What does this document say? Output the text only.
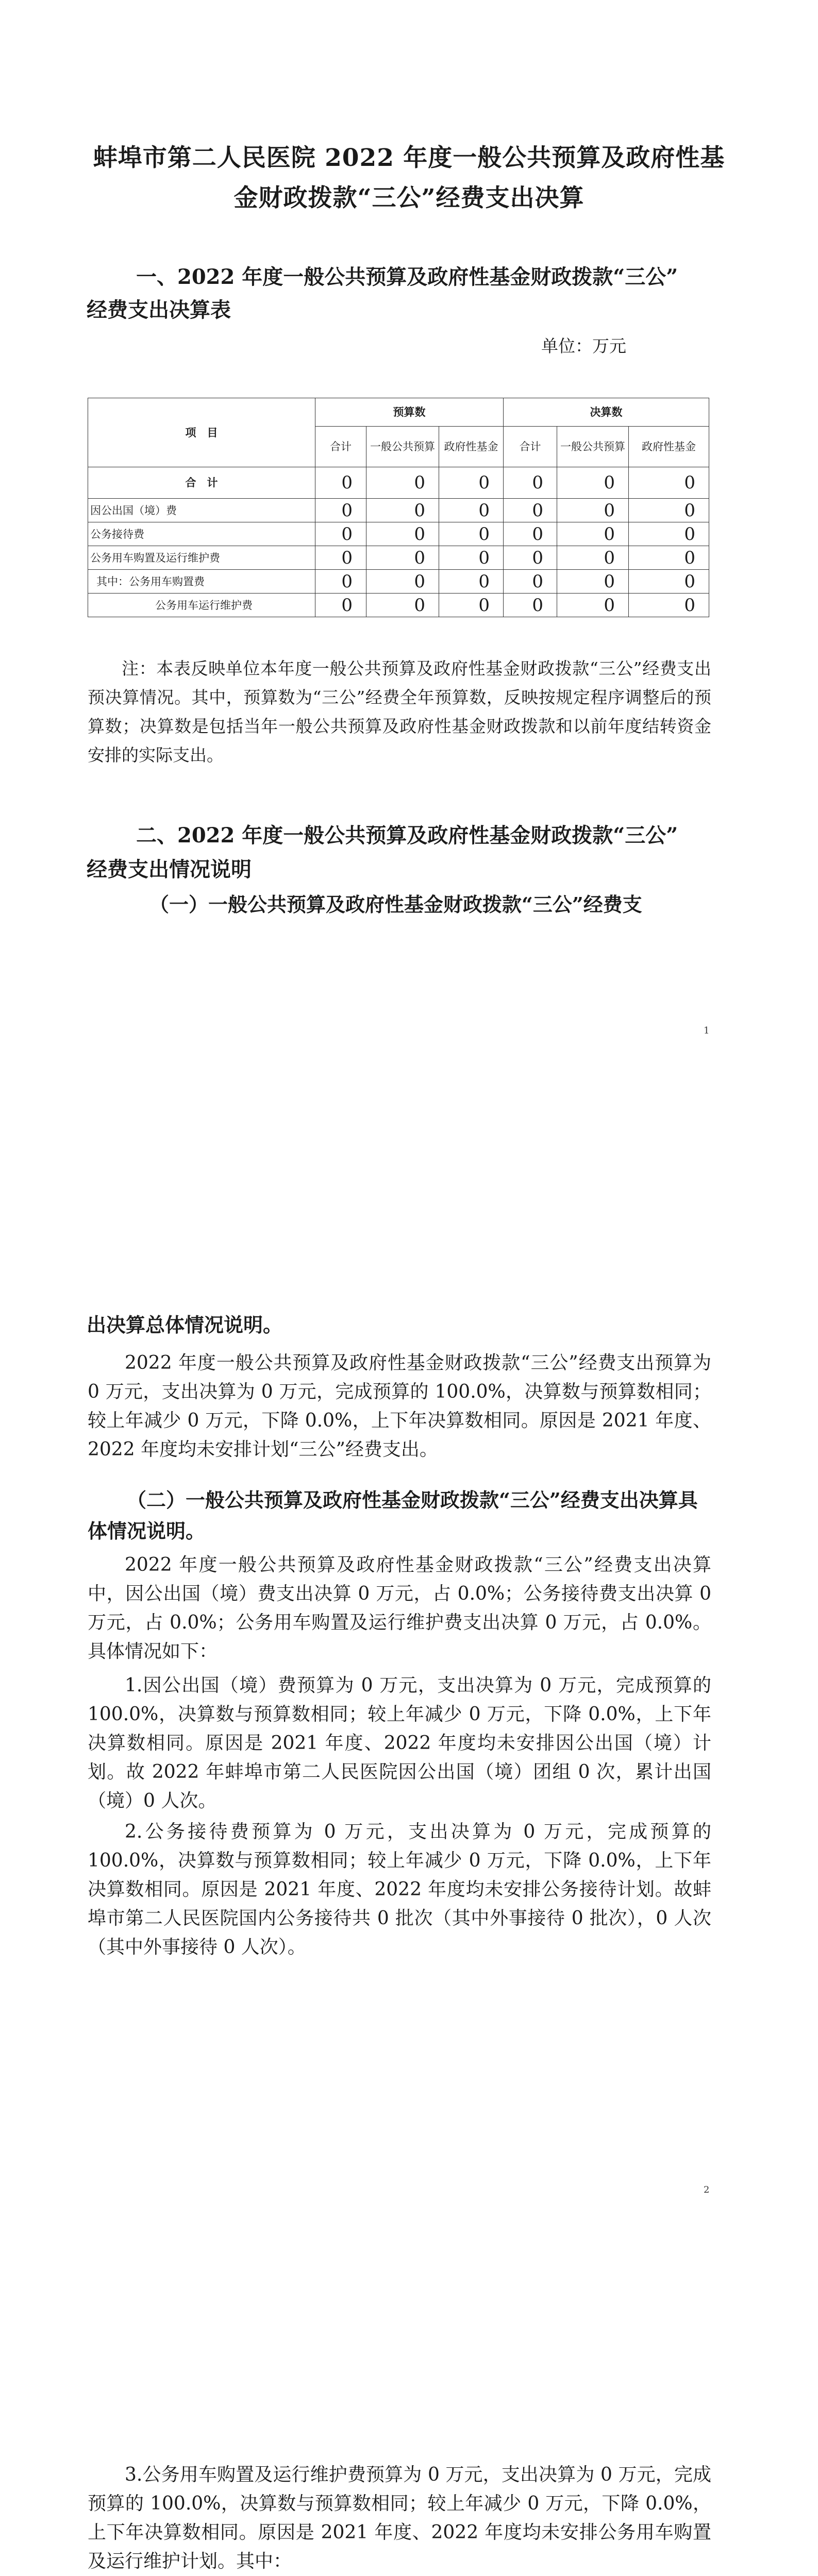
蚌埠市第二人民医院 2022 年度一般公共预算及政府性基
金财政拨款“三公”经费支出决算
一、2022 年度一般公共预算及政府性基金财政拨款“三公”
经费支出决算表
单位：万元
项　目	预算数			决算数		
	合计	一般公共预算	政府性基金	合计	一般公共预算	政府性基金
合　计	0	0	0	0	0	0
因公出国（境）费	0	0	0	0	0	0
公务接待费	0	0	0	0	0	0
公务用车购置及运行维护费	0	0	0	0	0	0
其中：公务用车购置费	0	0	0	0	0	0
公务用车运行维护费	0	0	0	0	0	0
注：本表反映单位本年度一般公共预算及政府性基金财政拨款“三公”经费支出预决算情况。其中，预算数为“三公”经费全年预算数，反映按规定程序调整后的预算数；决算数是包括当年一般公共预算及政府性基金财政拨款和以前年度结转资金安排的实际支出。
二、2022 年度一般公共预算及政府性基金财政拨款“三公”
经费支出情况说明
（一）一般公共预算及政府性基金财政拨款“三公”经费支
1
出决算总体情况说明。
2022 年度一般公共预算及政府性基金财政拨款“三公”经费支出预算为 0 万元，支出决算为 0 万元，完成预算的 100.0%，决算数与预算数相同；较上年减少 0 万元，下降 0.0%，上下年决算数相同。原因是 2021 年度、2022 年度均未安排计划“三公”经费支出。
（二）一般公共预算及政府性基金财政拨款“三公”经费支出决算具体情况说明。
2022 年度一般公共预算及政府性基金财政拨款“三公”经费支出决算中，因公出国（境）费支出决算 0 万元，占 0.0%；公务接待费支出决算 0 万元，占 0.0%；公务用车购置及运行维护费支出决算 0 万元，占 0.0%。具体情况如下：
1.因公出国（境）费预算为 0 万元，支出决算为 0 万元，完成预算的 100.0%，决算数与预算数相同；较上年减少 0 万元，下降 0.0%，上下年决算数相同。原因是 2021 年度、2022 年度均未安排因公出国（境）计划。故 2022 年蚌埠市第二人民医院因公出国（境）团组 0 次，累计出国（境）0 人次。
2.公务接待费预算为 0 万元，支出决算为 0 万元，完成预算的 100.0%，决算数与预算数相同；较上年减少 0 万元，下降 0.0%，上下年决算数相同。原因是 2021 年度、2022 年度均未安排公务接待计划。故蚌埠市第二人民医院国内公务接待共 0 批次（其中外事接待 0 批次），0 人次（其中外事接待 0 人次）。
2
3.公务用车购置及运行维护费预算为 0 万元，支出决算为 0 万元，完成预算的 100.0%，决算数与预算数相同；较上年减少 0 万元，下降 0.0%，上下年决算数相同。原因是 2021 年度、2022 年度均未安排公务用车购置及运行维护计划。其中：
